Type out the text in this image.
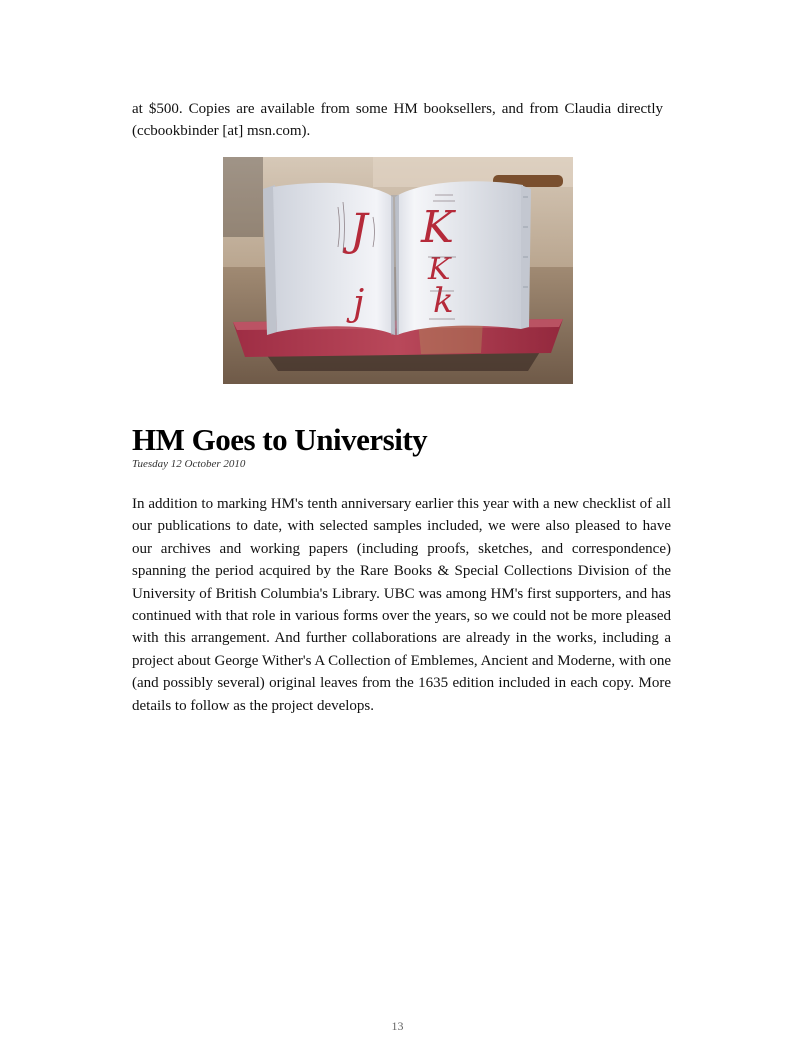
at $500. Copies are available from some HM booksellers, and from Claudia directly (ccbookbinder [at] msn.com).

J
j
K
K
k
HM Goes to University
Tuesday 12 October 2010

In addition to marking HM's tenth anniversary earlier this year with a new checklist of all our publications to date, with selected samples included, we were also pleased to have our archives and working papers (including proofs, sketches, and correspondence) spanning the period acquired by the Rare Books & Special Collections Division of the University of British Columbia's Library. UBC was among HM's first supporters, and has continued with that role in various forms over the years, so we could not be more pleased with this arrangement. And further collaborations are already in the works, including a project about George Wither's A Collection of Emblemes, Ancient and Moderne, with one (and possibly several) original leaves from the 1635 edition included in each copy. More details to follow as the project develops.

13
